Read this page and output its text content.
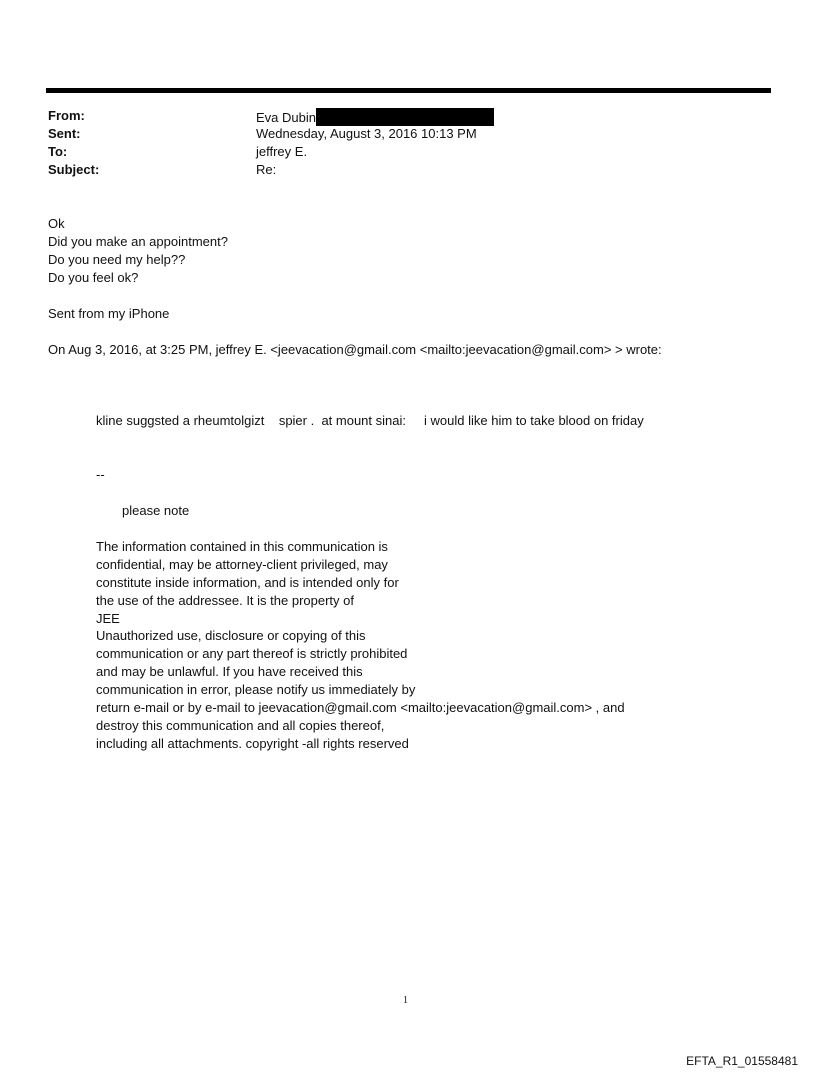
From:	Eva Dubin
Sent:	Wednesday, August 3, 2016 10:13 PM
To:	jeffrey E.
Subject:	Re:
Ok
Did you make an appointment?
Do you need my help??
Do you feel ok?
Sent from my iPhone
On Aug 3, 2016, at 3:25 PM, jeffrey E. <jeevacation@gmail.com <mailto:jeevacation@gmail.com> > wrote:
kline suggsted a rheumtolgizt    spier .  at mount sinai:     i would like him to take blood on friday
--
please note
The information contained in this communication is
confidential, may be attorney-client privileged, may
constitute inside information, and is intended only for
the use of the addressee. It is the property of
JEE
Unauthorized use, disclosure or copying of this
communication or any part thereof is strictly prohibited
and may be unlawful. If you have received this
communication in error, please notify us immediately by
return e-mail or by e-mail to jeevacation@gmail.com <mailto:jeevacation@gmail.com> , and
destroy this communication and all copies thereof,
including all attachments. copyright -all rights reserved
1
EFTA_R1_01558481
